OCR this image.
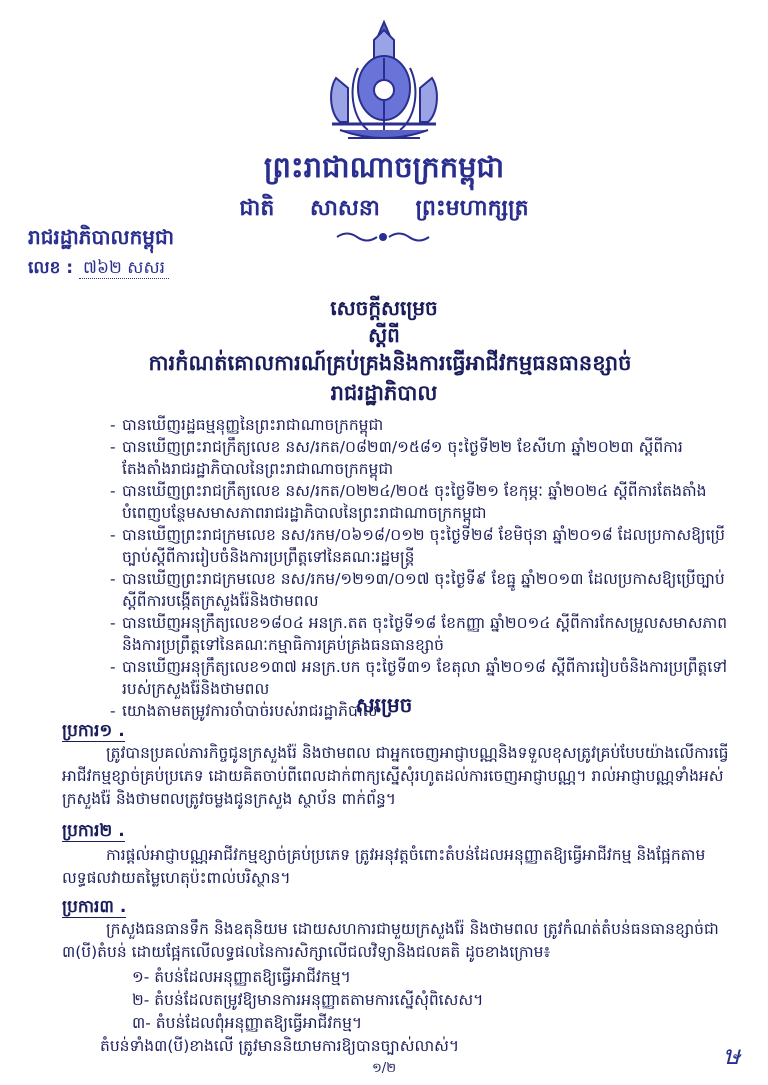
ព្រះរាជាណាចក្រកម្ពុជា
ជាតិ សាសនា ព្រះមហាក្សត្រ
រាជរដ្ឋាភិបាលកម្ពុជា
លេខ : ៧៦២ សសរ
សេចក្ដីសម្រេច
ស្ដីពី
ការកំណត់គោលការណ៍គ្រប់គ្រងនិងការធ្វើអាជីវកម្មធនធានខ្សាច់
រាជរដ្ឋាភិបាល

- បានឃើញរដ្ឋធម្មនុញ្ញនៃព្រះរាជាណាចក្រកម្ពុជា

- បានឃើញព្រះរាជក្រឹត្យលេខ នស/រកត/០៨២៣/១៥៨១ ចុះថ្ងៃទី២២ ខែសីហា ឆ្នាំ២០២៣ ស្ដីពីការតែងតាំងរាជរដ្ឋាភិបាលនៃព្រះរាជាណាចក្រកម្ពុជា

- បានឃើញព្រះរាជក្រឹត្យលេខ នស/រកត/០២២៤/២០៥ ចុះថ្ងៃទី២១ ខែកុម្ភៈ ឆ្នាំ២០២៤ ស្ដីពីការតែងតាំងបំពេញបន្ថែមសមាសភាពរាជរដ្ឋាភិបាលនៃព្រះរាជាណាចក្រកម្ពុជា

- បានឃើញព្រះរាជក្រមលេខ នស/រកម/០៦១៨/០១២ ចុះថ្ងៃទី២៨ ខែមិថុនា ឆ្នាំ២០១៨ ដែលប្រកាសឱ្យប្រើច្បាប់ស្ដីពីការរៀបចំនិងការប្រព្រឹត្តទៅនៃគណៈរដ្ឋមន្ត្រី

- បានឃើញព្រះរាជក្រមលេខ នស/រកម/១២១៣/០១៧ ចុះថ្ងៃទី៩ ខែធ្នូ ឆ្នាំ២០១៣ ដែលប្រកាសឱ្យប្រើច្បាប់ស្ដីពីការបង្កើតក្រសួងរ៉ែនិងថាមពល

- បានឃើញអនុក្រឹត្យលេខ១៨០៤ អនក្រ.តត ចុះថ្ងៃទី១៨ ខែកញ្ញា ឆ្នាំ២០១៤ ស្ដីពីការកែសម្រួលសមាសភាពនិងការប្រព្រឹត្តទៅនៃគណៈកម្មាធិការគ្រប់គ្រងធនធានខ្សាច់

- បានឃើញអនុក្រឹត្យលេខ១៣៧ អនក្រ.បក ចុះថ្ងៃទី៣១ ខែតុលា ឆ្នាំ២០១៨ ស្ដីពីការរៀបចំនិងការប្រព្រឹត្តទៅរបស់ក្រសួងរ៉ែនិងថាមពល

- យោងតាមតម្រូវការចាំបាច់របស់រាជរដ្ឋាភិបាល

សម្រេច
ប្រការ១ .
ត្រូវបានប្រគល់ភារកិច្ចជូនក្រសួងរ៉ែ និងថាមពល ជាអ្នកចេញអាជ្ញាបណ្ណនិងទទួលខុសត្រូវគ្រប់បែបយ៉ាងលើការធ្វើអាជីវកម្មខ្សាច់គ្រប់ប្រភេទ ដោយគិតចាប់ពីពេលដាក់ពាក្យស្នើសុំរហូតដល់ការចេញអាជ្ញាបណ្ណ។ រាល់អាជ្ញាបណ្ណទាំងអស់ ក្រសួងរ៉ែ និងថាមពលត្រូវចម្លងជូនក្រសួង ស្ថាប័ន ពាក់ព័ន្ធ។
ប្រការ២ .
ការផ្ដល់អាជ្ញាបណ្ណអាជីវកម្មខ្សាច់គ្រប់ប្រភេទ ត្រូវអនុវត្តចំពោះតំបន់ដែលអនុញ្ញាតឱ្យធ្វើអាជីវកម្ម និងផ្អែកតាមលទ្ធផលវាយតម្លៃហេតុប៉ះពាល់បរិស្ថាន។
ប្រការ៣ .
ក្រសួងធនធានទឹក និងឧតុនិយម ដោយសហការជាមួយក្រសួងរ៉ែ និងថាមពល ត្រូវកំណត់តំបន់ធនធានខ្សាច់ជា ៣(បី)តំបន់ ដោយផ្អែកលើលទ្ធផលនៃការសិក្សាលើជលវិទ្យានិងជលគតិ ដូចខាងក្រោម៖
១- តំបន់ដែលអនុញ្ញាតឱ្យធ្វើអាជីវកម្ម។
២- តំបន់ដែលតម្រូវឱ្យមានការអនុញ្ញាតតាមការស្នើសុំពិសេស។
៣- តំបន់ដែលពុំអនុញ្ញាតឱ្យធ្វើអាជីវកម្ម។
តំបន់ទាំង៣(បី)ខាងលើ ត្រូវមាននិយាមការឱ្យបានច្បាស់លាស់។
១/២	ษ
